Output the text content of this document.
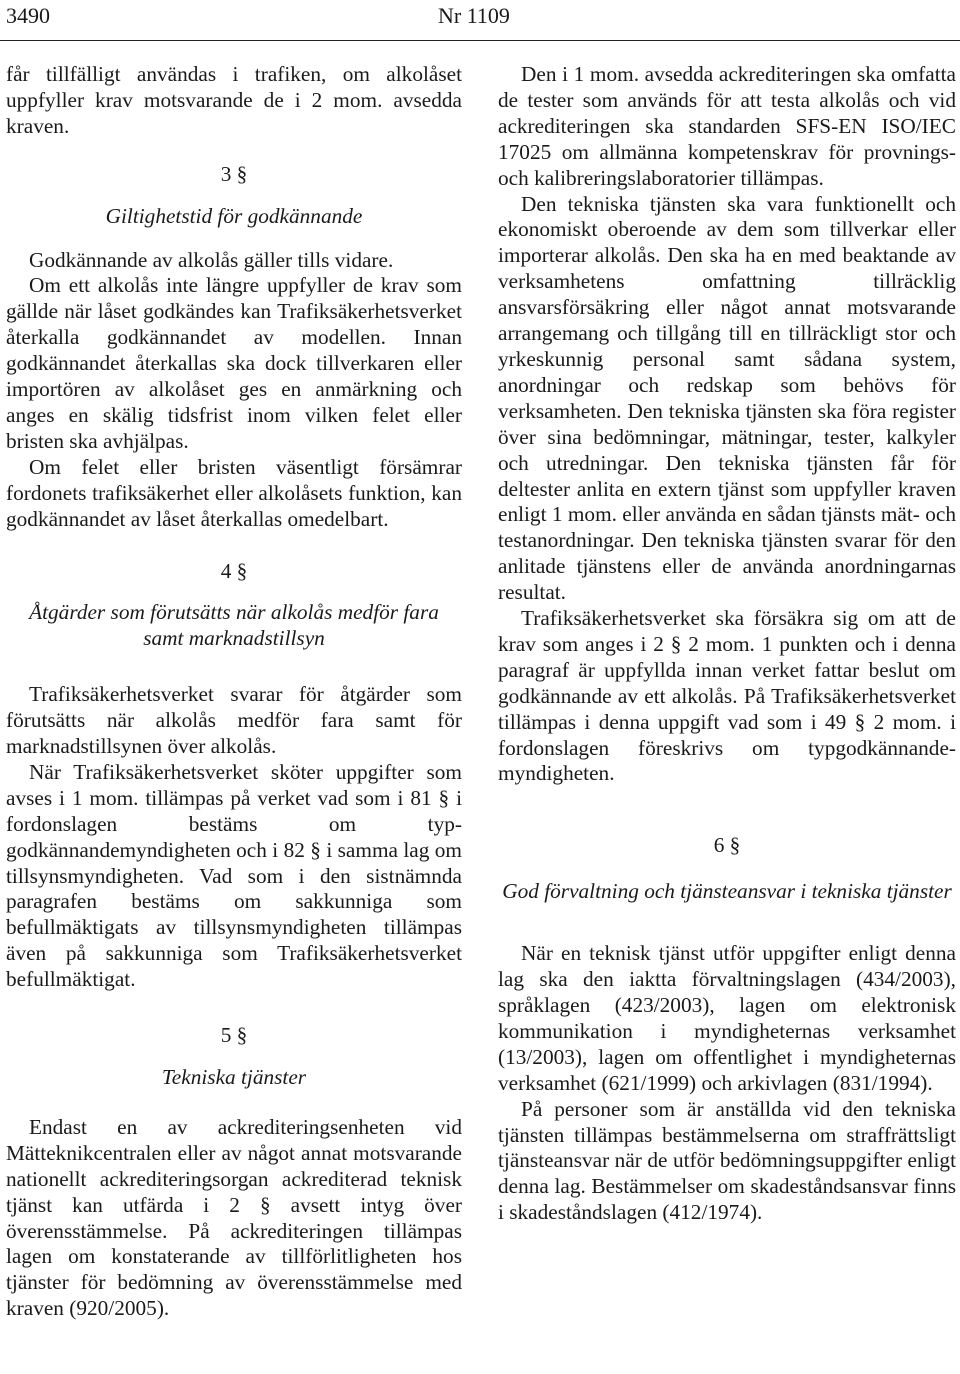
3490	Nr 1109

får tillfälligt användas i trafiken, om alkolåset uppfyller krav motsvarande de i 2 mom. avsedda kraven.

3 §

Giltighetstid för godkännande

Godkännande av alkolås gäller tills vidare.

Om ett alkolås inte längre uppfyller de krav som gällde när låset godkändes kan Trafiksäkerhetsverket återkalla godkännandet av modellen. Innan godkännandet återkallas ska dock tillverkaren eller importören av alkolåset ges en anmärkning och anges en skälig tidsfrist inom vilken felet eller bristen ska avhjälpas.

Om felet eller bristen väsentligt försämrar fordonets trafiksäkerhet eller alkolåsets funktion, kan godkännandet av låset återkallas omedelbart.

4 §

Åtgärder som förutsätts när alkolås medför fara samt marknadstillsyn

Trafiksäkerhetsverket svarar för åtgärder som förutsätts när alkolås medför fara samt för marknadstillsynen över alkolås.

När Trafiksäkerhetsverket sköter uppgifter som avses i 1 mom. tillämpas på verket vad som i 81 § i fordonslagen bestäms om typgodkännandemyndigheten och i 82 § i samma lag om tillsynsmyndigheten. Vad som i den sistnämnda paragrafen bestäms om sakkunniga som befullmäktigats av tillsynsmyndigheten tillämpas även på sakkunniga som Trafiksäkerhetsverket befullmäktigat.

5 §

Tekniska tjänster

Endast en av ackrediteringsenheten vid Mätteknikcentralen eller av något annat motsvarande nationellt ackrediteringsorgan ackrediterad teknisk tjänst kan utfärda i 2 § avsett intyg över överensstämmelse. På ackrediteringen tillämpas lagen om konstaterande av tillförlitligheten hos tjänster för bedömning av överensstämmelse med kraven (920/2005).

Den i 1 mom. avsedda ackrediteringen ska omfatta de tester som används för att testa alkolås och vid ackrediteringen ska standarden SFS-EN ISO/IEC 17025 om allmänna kompetenskrav för provnings- och kalibreringslaboratorier tillämpas.

Den tekniska tjänsten ska vara funktionellt och ekonomiskt oberoende av dem som tillverkar eller importerar alkolås. Den ska ha en med beaktande av verksamhetens omfattning tillräcklig ansvarsförsäkring eller något annat motsvarande arrangemang och tillgång till en tillräckligt stor och yrkeskunnig personal samt sådana system, anordningar och redskap som behövs för verksamheten. Den tekniska tjänsten ska föra register över sina bedömningar, mätningar, tester, kalkyler och utredningar. Den tekniska tjänsten får för deltester anlita en extern tjänst som uppfyller kraven enligt 1 mom. eller använda en sådan tjänsts mät- och testanordningar. Den tekniska tjänsten svarar för den anlitade tjänstens eller de använda anordningarnas resultat.

Trafiksäkerhetsverket ska försäkra sig om att de krav som anges i 2 § 2 mom. 1 punkten och i denna paragraf är uppfyllda innan verket fattar beslut om godkännande av ett alkolås. På Trafiksäkerhetsverket tillämpas i denna uppgift vad som i 49 § 2 mom. i fordonslagen föreskrivs om typgodkännandemyndigheten.

6 §

God förvaltning och tjänsteansvar i tekniska tjänster

När en teknisk tjänst utför uppgifter enligt denna lag ska den iaktta förvaltningslagen (434/2003), språklagen (423/2003), lagen om elektronisk kommunikation i myndigheternas verksamhet (13/2003), lagen om offentlighet i myndigheternas verksamhet (621/1999) och arkivlagen (831/1994).

På personer som är anställda vid den tekniska tjänsten tillämpas bestämmelserna om straffrättsligt tjänsteansvar när de utför bedömningsuppgifter enligt denna lag. Bestämmelser om skadeståndsansvar finns i skadeståndslagen (412/1974).
